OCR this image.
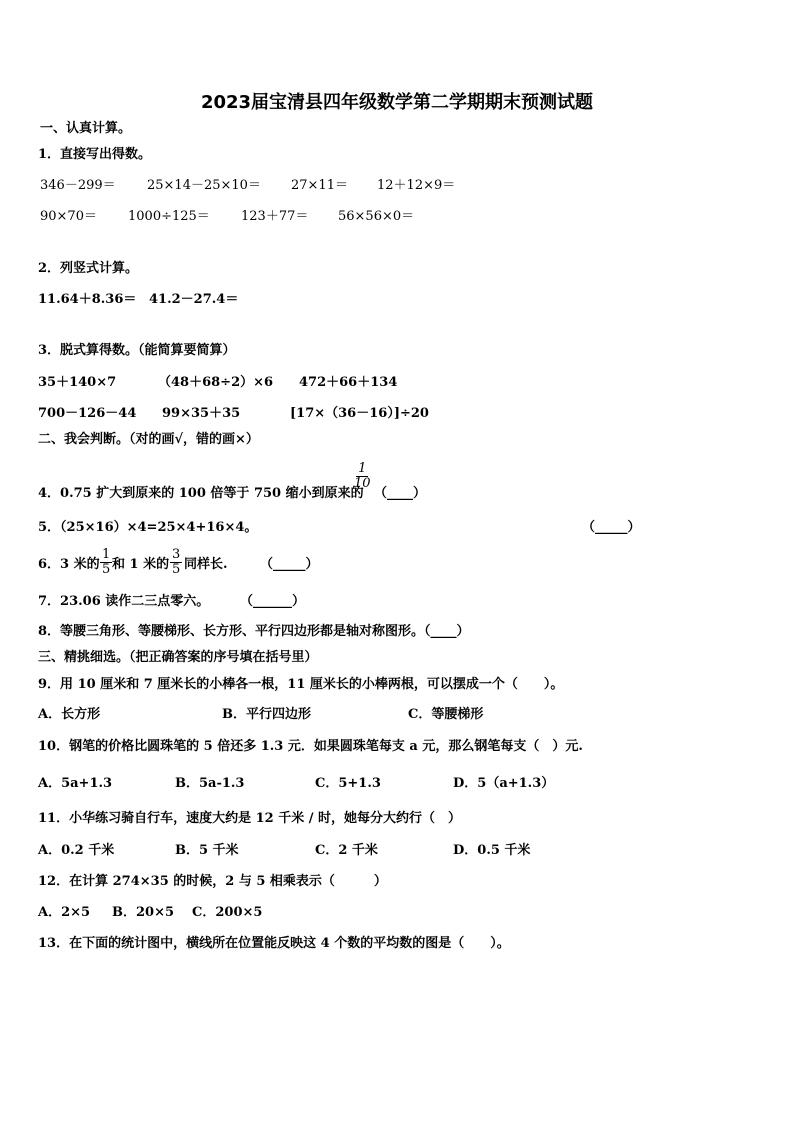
2023届宝清县四年级数学第二学期期末预测试题
一、认真计算。
1．直接写出得数。
346－299＝ 25×14－25×10＝ 27×11＝ 12＋12×9＝
90×70＝ 1000÷125＝ 123＋77＝ 56×56×0＝
2．列竖式计算。
11.64＋8.36＝ 41.2－27.4＝
3．脱式算得数。（能简算要简算）
35＋140×7	（48＋68÷2）×6 472＋66＋134
700－126－44 99×35＋35	[17×（36－16）]÷20
二、我会判断。（对的画√，错的画×）
4．0.75 扩大到原来的 100 倍等于 750 缩小到原来的
$\frac{1}{10}$
（____）
5．（25×16）×4=25×4+16×4。	（_____）
6．3 米的 $\frac{1}{5}$ 和 1 米的 $\frac{3}{5}$ 同样长. （_____）
7．23.06 读作二三点零六。 （______）
8．等腰三角形、等腰梯形、长方形、平行四边形都是轴对称图形。（____）
三、精挑细选。（把正确答案的序号填在括号里）
9．用 10 厘米和 7 厘米长的小棒各一根，11 厘米长的小棒两根，可以摆成一个（　　）。
A．长方形	B．平行四边形	C．等腰梯形
10．钢笔的价格比圆珠笔的 5 倍还多 1.3 元．如果圆珠笔每支 a 元，那么钢笔每支（　）元.
A．5a+1.3	B．5a-1.3	C．5+1.3	D．5（a+1.3）
11．小华练习骑自行车，速度大约是 12 千米 / 时，她每分大约行（　）
A．0.2 千米	B．5 千米	C．2 千米	D．0.5 千米
12．在计算 274×35 的时候，2 与 5 相乘表示（　　　）
A．2×5 B．20×5 C．200×5
13．在下面的统计图中，横线所在位置能反映这 4 个数的平均数的图是（　　）。
